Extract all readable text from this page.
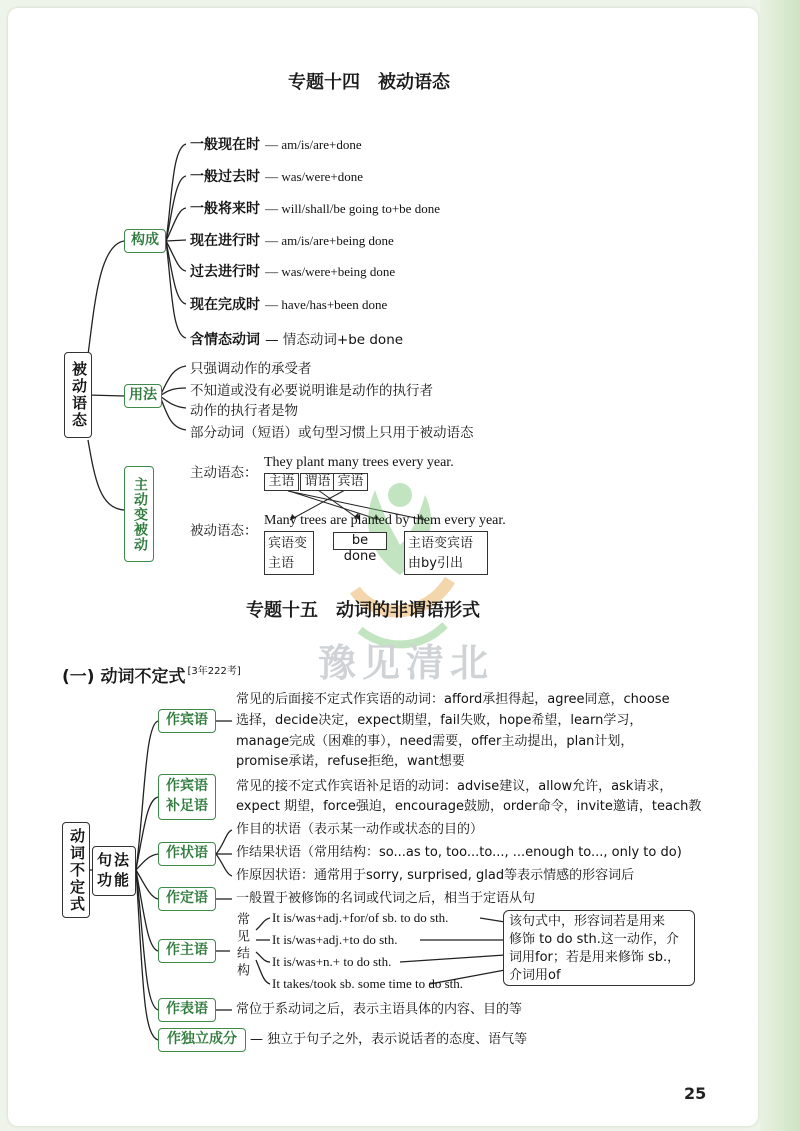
豫见清北
专题十四　被动语态
被动语态
构成
用法
主动变被动
一般现在时 — am/is/are+done
一般过去时 — was/were+done
一般将来时 — will/shall/be going to+be done
现在进行时 — am/is/are+being done
过去进行时 — was/were+being done
现在完成时 — have/has+been done
含情态动词 — 情态动词+be done
只强调动作的承受者
不知道或没有必要说明谁是动作的执行者
动作的执行者是物
部分动词（短语）或句型习惯上只用于被动语态
主动语态：
They plant many trees every year.
主语 谓语 宾语
被动语态：
Many trees are planted by them every year.
宾语变
主语
be done
主语变宾语
由by引出
专题十五　动词的非谓语形式
(一) 动词不定式 [3年222考]
动词不定式 句法功能
作宾语
作宾语
补足语
作状语
作定语
作主语
作表语
作独立成分
常见的后面接不定式作宾语的动词：afford承担得起，agree同意，choose
选择，decide决定，expect期望，fail失败，hope希望，learn学习，
manage完成（困难的事），need需要，offer主动提出，plan计划，
promise承诺，refuse拒绝，want想要
常见的接不定式作宾语补足语的动词：advise建议，allow允许，ask请求，
expect 期望，force强迫，encourage鼓励，order命令，invite邀请，teach教
作目的状语（表示某一动作或状态的目的）
作结果状语（常用结构：so...as to, too...to..., ...enough to..., only to do)
作原因状语：通常用于sorry, surprised, glad等表示情感的形容词后
一般置于被修饰的名词或代词之后，相当于定语从句
常见结构 It is/was+adj.+for/of sb. to do sth.
It is/was+adj.+to do sth.
It is/was+n.+ to do sth.
It takes/took sb. some time to do sth.
该句式中，形容词若是用来
修饰 to do sth.这一动作，介
词用for；若是用来修饰 sb.，
介词用of
常位于系动词之后，表示主语具体的内容、目的等
— 独立于句子之外，表示说话者的态度、语气等
25
